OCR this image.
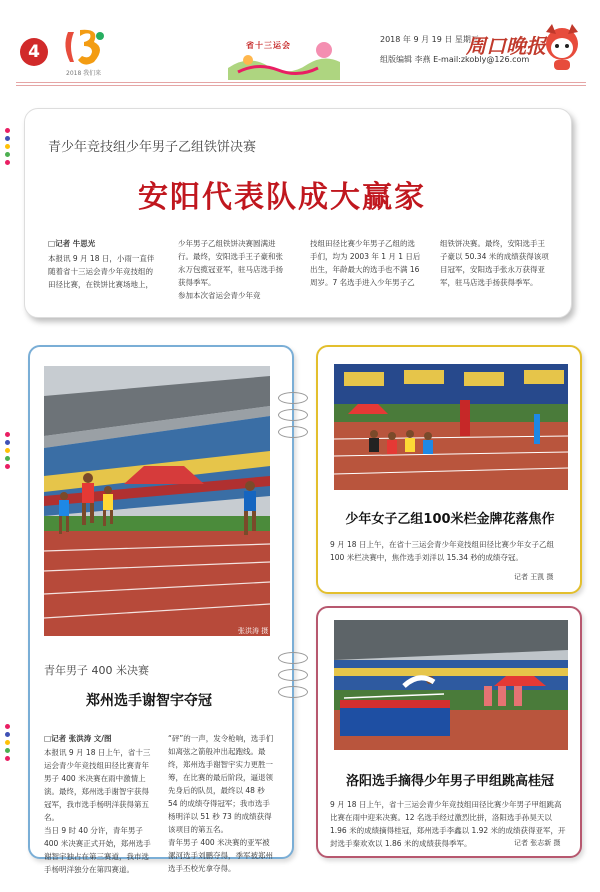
4
2018 我们来
省十三运会
2018 年 9 月 19 日 星期三
组版编辑 李燕 E-mail:zkobly@126.com
周口晚报
青少年竞技组少年男子乙组铁饼决赛
安阳代表队成大赢家
□记者 牛思光
本报讯 9 月 18 日，小雨一直伴随着省十三运会青少年竞技组的田径比赛，在铁饼比赛场地上，
少年男子乙组铁饼决赛圆满进行。最终，安阳选手王子豪和张永万包揽冠亚军，驻马店选手扬获得季军。
参加本次省运会青少年竞
技组田径比赛少年男子乙组的选手们，均为 2003 年 1 月 1 日后出生，年龄最大的选手也不满 16 周岁。7 名选手进入少年男子乙
组铁饼决赛。最终，安阳选手王子豪以 50.34 米的成绩获得该项目冠军，安阳选手张永万获得亚军，驻马店选手扬获得季军。
张洪涛 摄
青年男子 400 米决赛
郑州选手谢智宇夺冠
□记者 张洪涛 文/图
本报讯 9 月 18 日上午，省十三运会青少年竞技组田径比赛青年男子 400 米决赛在雨中激情上演。最终，郑州选手谢智宇获得冠军，我市选手杨明洋获得第五名。
当日 9 时 40 分许，青年男子 400 米决赛正式开始，郑州选手谢智宇独占在第三赛道，我市选手杨明洋独分在第四赛道。
“砰”的一声，发令枪响，选手们如离弦之箭般冲出起跑线。最终，郑州选手谢智宇实力更胜一筹，在比赛的最后阶段，逼退领先身后的队员，最终以 48 秒 54 的成绩夺得冠军；我市选手杨明洋以 51 秒 73 的成绩获得该项目的第五名。
青年男子 400 米决赛的亚军被漯河选手刘鹏夺得，季军被郑州选手丕校光拿夺得。
少年女子乙组100米栏金牌花落焦作
9 月 18 日上午，在省十三运会青少年竞技组田径比赛少年女子乙组 100 米栏决赛中，焦作选手刘洋以 15.34 秒的成绩夺冠。
记者 王凯 摄
洛阳选手摘得少年男子甲组跳高桂冠
9 月 18 日上午，省十三运会青少年竞技组田径比赛少年男子甲组跳高比赛在雨中迎来决赛。12 名选手经过激烈比拼，洛阳选手孙昊天以 1.96 米的成绩摘得桂冠，郑州选手李鑫以 1.92 米的成绩获得亚军，开封选手秦欢欢以 1.86 米的成绩获得季军。	记者 张志新 摄
